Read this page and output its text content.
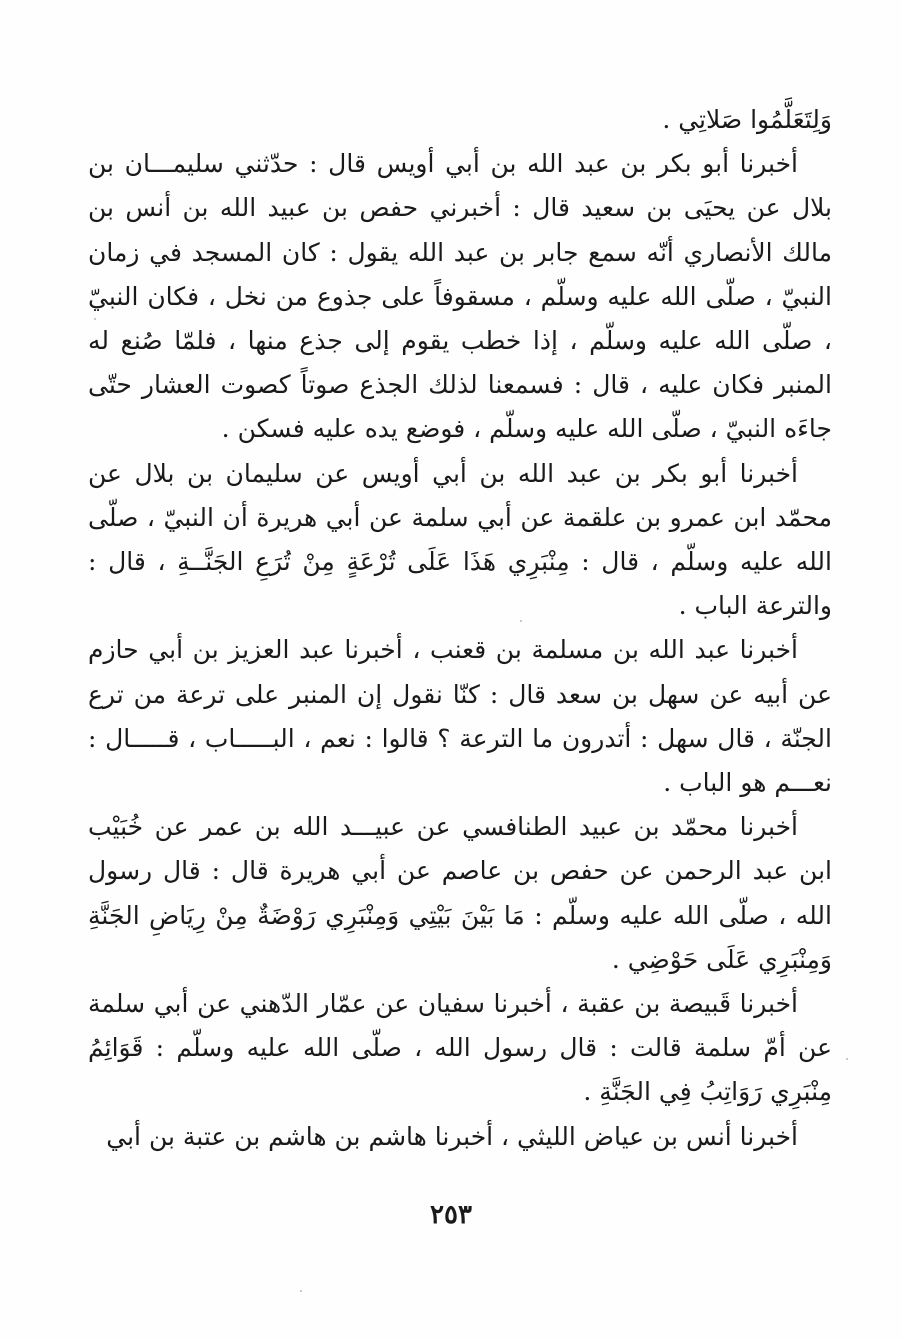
وَلِتَعَلَّمُوا صَلاتِي .

أخبرنا أبو بكر بن عبد الله بن أبي أويس قال : حدّثني سليمـــان بن بلال عن يحيَى بن سعيد قال : أخبرني حفص بن عبيد الله بن أنس بن مالك الأنصاري أنّه سمع جابر بن عبد الله يقول : كان المسجد في زمان النبيّ ، صلّى الله عليه وسلّم ، مسقوفاً على جذوع من نخل ، فكان النبيّ ، صلّى الله عليه وسلّم ، إذا خطب يقوم إلى جذع منها ، فلمّا صُنع له المنبر فكان عليه ، قال : فسمعنا لذلك الجذع صوتاً كصوت العشار حتّى جاءَه النبيّ ، صلّى الله عليه وسلّم ، فوضع يده عليه فسكن .

أخبرنا أبو بكر بن عبد الله بن أبي أويس عن سليمان بن بلال عن محمّد ابن عمرو بن علقمة عن أبي سلمة عن أبي هريرة أن النبيّ ، صلّى الله عليه وسلّم ، قال : مِنْبَرِي هَذَا عَلَى تُرْعَةٍ مِنْ تُرَعِ الجَنَّــةِ ، قال : والترعة الباب .

أخبرنا عبد الله بن مسلمة بن قعنب ، أخبرنا عبد العزيز بن أبي حازم عن أبيه عن سهل بن سعد قال : كنّا نقول إن المنبر على ترعة من ترع الجنّة ، قال سهل : أتدرون ما الترعة ؟ قالوا : نعم ، البـــــاب ، قـــــال : نعـــم هو الباب .

أخبرنا محمّد بن عبيد الطنافسي عن عبيـــد الله بن عمر عن خُبَيْب ابن عبد الرحمن عن حفص بن عاصم عن أبي هريرة قال : قال رسول الله ، صلّى الله عليه وسلّم : مَا بَيْنَ بَيْتِي وَمِنْبَرِي رَوْضَةٌ مِنْ رِيَاضِ الجَنَّةِ وَمِنْبَرِي عَلَى حَوْضِي .

أخبرنا قَبيصة بن عقبة ، أخبرنا سفيان عن عمّار الدّهني عن أبي سلمة عن أمّ سلمة قالت : قال رسول الله ، صلّى الله عليه وسلّم : قَوَائِمُ مِنْبَرِي رَوَاتِبُ فِي الجَنَّةِ .

أخبرنا أنس بن عياض الليثي ، أخبرنا هاشم بن هاشم بن عتبة بن أبي

٢٥٣
